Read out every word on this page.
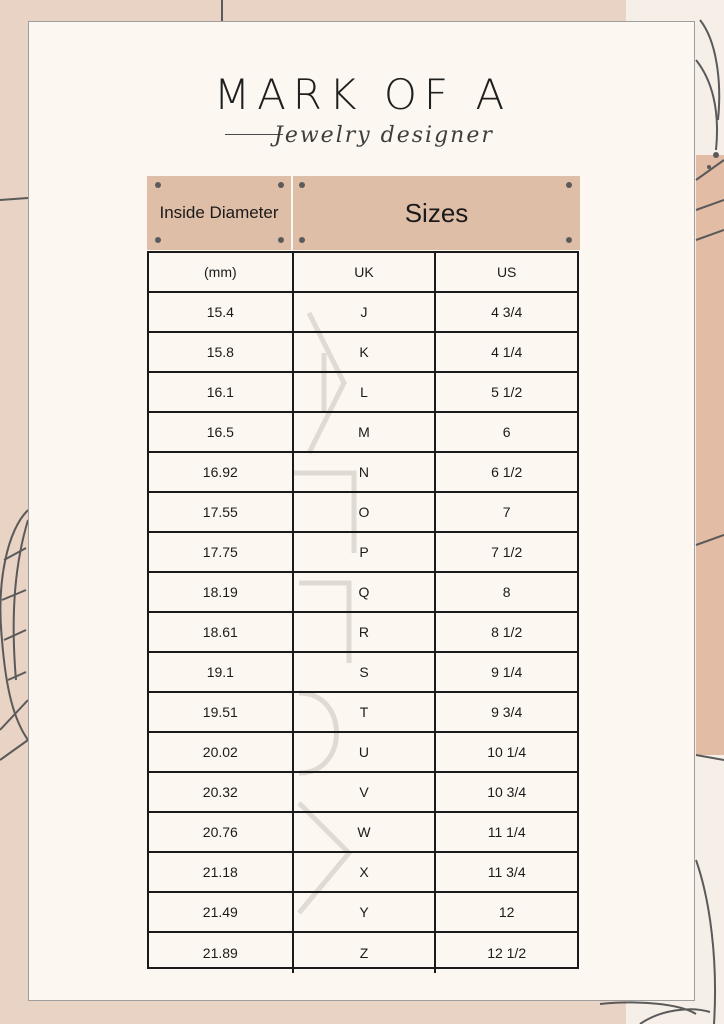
MARK OF A
Jewelry designer
Inside Diameter	Sizes
(mm)	UK	US
15.4	J	4 3/4
15.8	K	4 1/4
16.1	L	5 1/2
16.5	M	6
16.92	N	6 1/2
17.55	O	7
17.75	P	7 1/2
18.19	Q	8
18.61	R	8 1/2
19.1	S	9 1/4
19.51	T	9 3/4
20.02	U	10 1/4
20.32	V	10 3/4
20.76	W	11 1/4
21.18	X	11 3/4
21.49	Y	12
21.89	Z	12 1/2
